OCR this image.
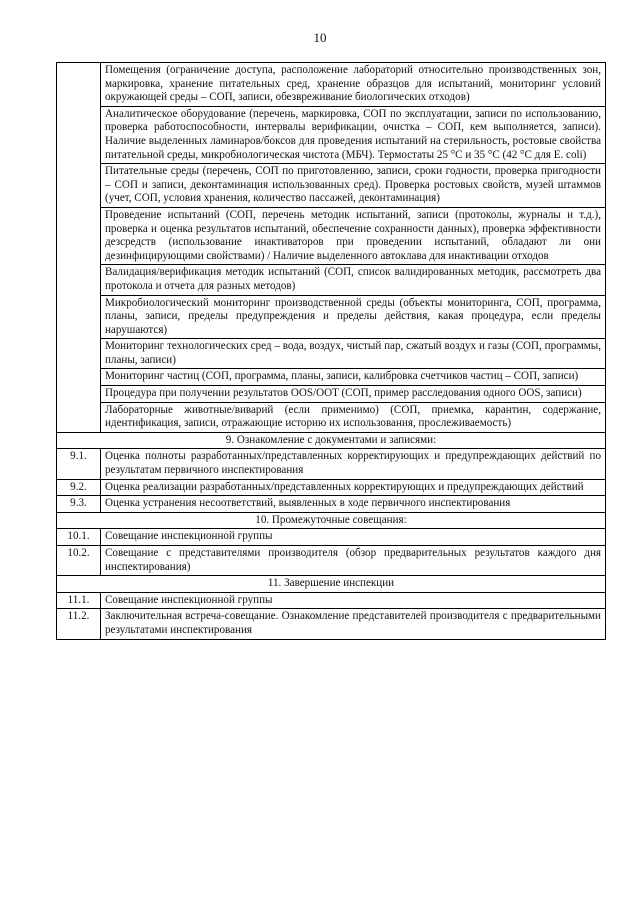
10
	Помещения (ограничение доступа, расположение лабораторий относительно производственных зон, маркировка, хранение питательных сред, хранение образцов для испытаний, мониторинг условий окружающей среды – СОП, записи, обезвреживание биологических отходов)
	Аналитическое оборудование (перечень, маркировка, СОП по эксплуатации, записи по использованию, проверка работоспособности, интервалы верификации, очистка – СОП, кем выполняется, записи). Наличие выделенных ламинаров/боксов для проведения испытаний на стерильность, ростовые свойства питательной среды, микробиологическая чистота (МБЧ). Термостаты 25 °C и 35 °C (42 °C для E. coli)
	Питательные среды (перечень, СОП по приготовлению, записи, сроки годности, проверка пригодности – СОП и записи, деконтаминация использованных сред). Проверка ростовых свойств, музей штаммов (учет, СОП, условия хранения, количество пассажей, деконтаминация)
	Проведение испытаний (СОП, перечень методик испытаний, записи (протоколы, журналы и т.д.), проверка и оценка результатов испытаний, обеспечение сохранности данных), проверка эффективности дезсредств (использование инактиваторов при проведении испытаний, обладают ли они дезинфицирующими свойствами) / Наличие выделенного автоклава для инактивации отходов
	Валидация/верификация методик испытаний (СОП, список валидированных методик, рассмотреть два протокола и отчета для разных методов)
	Микробиологический мониторинг производственной среды (объекты мониторинга, СОП, программа, планы, записи, пределы предупреждения и пределы действия, какая процедура, если пределы нарушаются)
	Мониторинг технологических сред – вода, воздух, чистый пар, сжатый воздух и газы (СОП, программы, планы, записи)
	Мониторинг частиц (СОП, программа, планы, записи, калибровка счетчиков частиц – СОП, записи)
	Процедура при получении результатов OOS/OOT (СОП, пример расследования одного OOS, записи)
	Лабораторные животные/виварий (если применимо) (СОП, приемка, карантин, содержание, идентификация, записи, отражающие историю их использования, прослеживаемость)
9. Ознакомление с документами и записями:	
9.1.	Оценка полноты разработанных/представленных корректирующих и предупреждающих действий по результатам первичного инспектирования
9.2.	Оценка реализации разработанных/представленных корректирующих и предупреждающих действий
9.3.	Оценка устранения несоответствий, выявленных в ходе первичного инспектирования
10. Промежуточные совещания:	
10.1.	Совещание инспекционной группы
10.2.	Совещание с представителями производителя (обзор предварительных результатов каждого дня инспектирования)
11. Завершение инспекции	
11.1.	Совещание инспекционной группы
11.2.	Заключительная встреча-совещание. Ознакомление представителей производителя с предварительными результатами инспектирования
